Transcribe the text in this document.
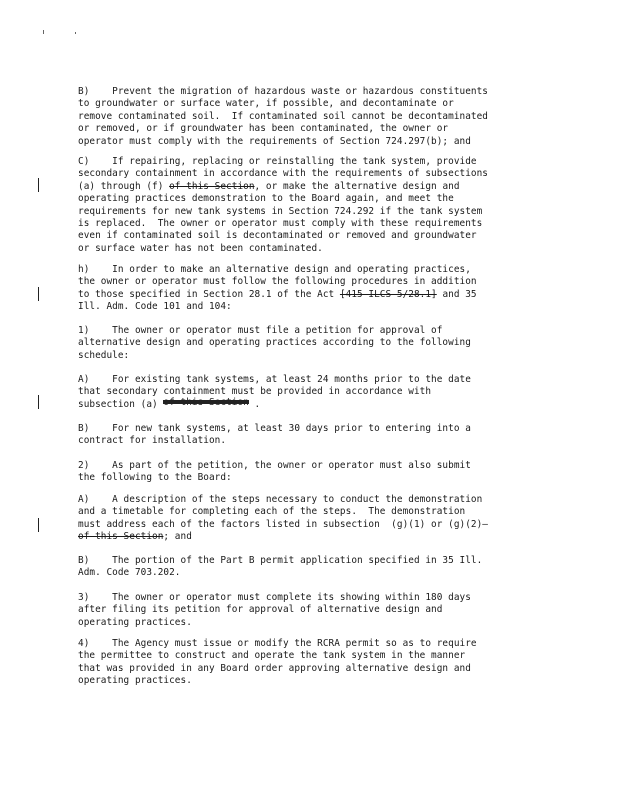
B)    Prevent the migration of hazardous waste or hazardous constituents
to groundwater or surface water, if possible, and decontaminate or
remove contaminated soil.  If contaminated soil cannot be decontaminated
or removed, or if groundwater has been contaminated, the owner or
operator must comply with the requirements of Section 724.297(b); and
C)    If repairing, replacing or reinstalling the tank system, provide
secondary containment in accordance with the requirements of subsections
(a) through (f) of this Section, or make the alternative design and
operating practices demonstration to the Board again, and meet the
requirements for new tank systems in Section 724.292 if the tank system
is replaced.  The owner or operator must comply with these requirements
even if contaminated soil is decontaminated or removed and groundwater
or surface water has not been contaminated.
h)    In order to make an alternative design and operating practices,
the owner or operator must follow the following procedures in addition
to those specified in Section 28.1 of the Act [415 ILCS 5/28.1] and 35
Ill. Adm. Code 101 and 104:
1)    The owner or operator must file a petition for approval of
alternative design and operating practices according to the following
schedule:
A)    For existing tank systems, at least 24 months prior to the date
that secondary containment must be provided in accordance with
subsection (a) of this Section .
B)    For new tank systems, at least 30 days prior to entering into a
contract for installation.
2)    As part of the petition, the owner or operator must also submit
the following to the Board:
A)    A description of the steps necessary to conduct the demonstration
and a timetable for completing each of the steps.  The demonstration
must address each of the factors listed in subsection  (g)(1) or (g)(2)—
of this Section; and
B)    The portion of the Part B permit application specified in 35 Ill.
Adm. Code 703.202.
3)    The owner or operator must complete its showing within 180 days
after filing its petition for approval of alternative design and
operating practices.
4)    The Agency must issue or modify the RCRA permit so as to require
the permittee to construct and operate the tank system in the manner
that was provided in any Board order approving alternative design and
operating practices.
